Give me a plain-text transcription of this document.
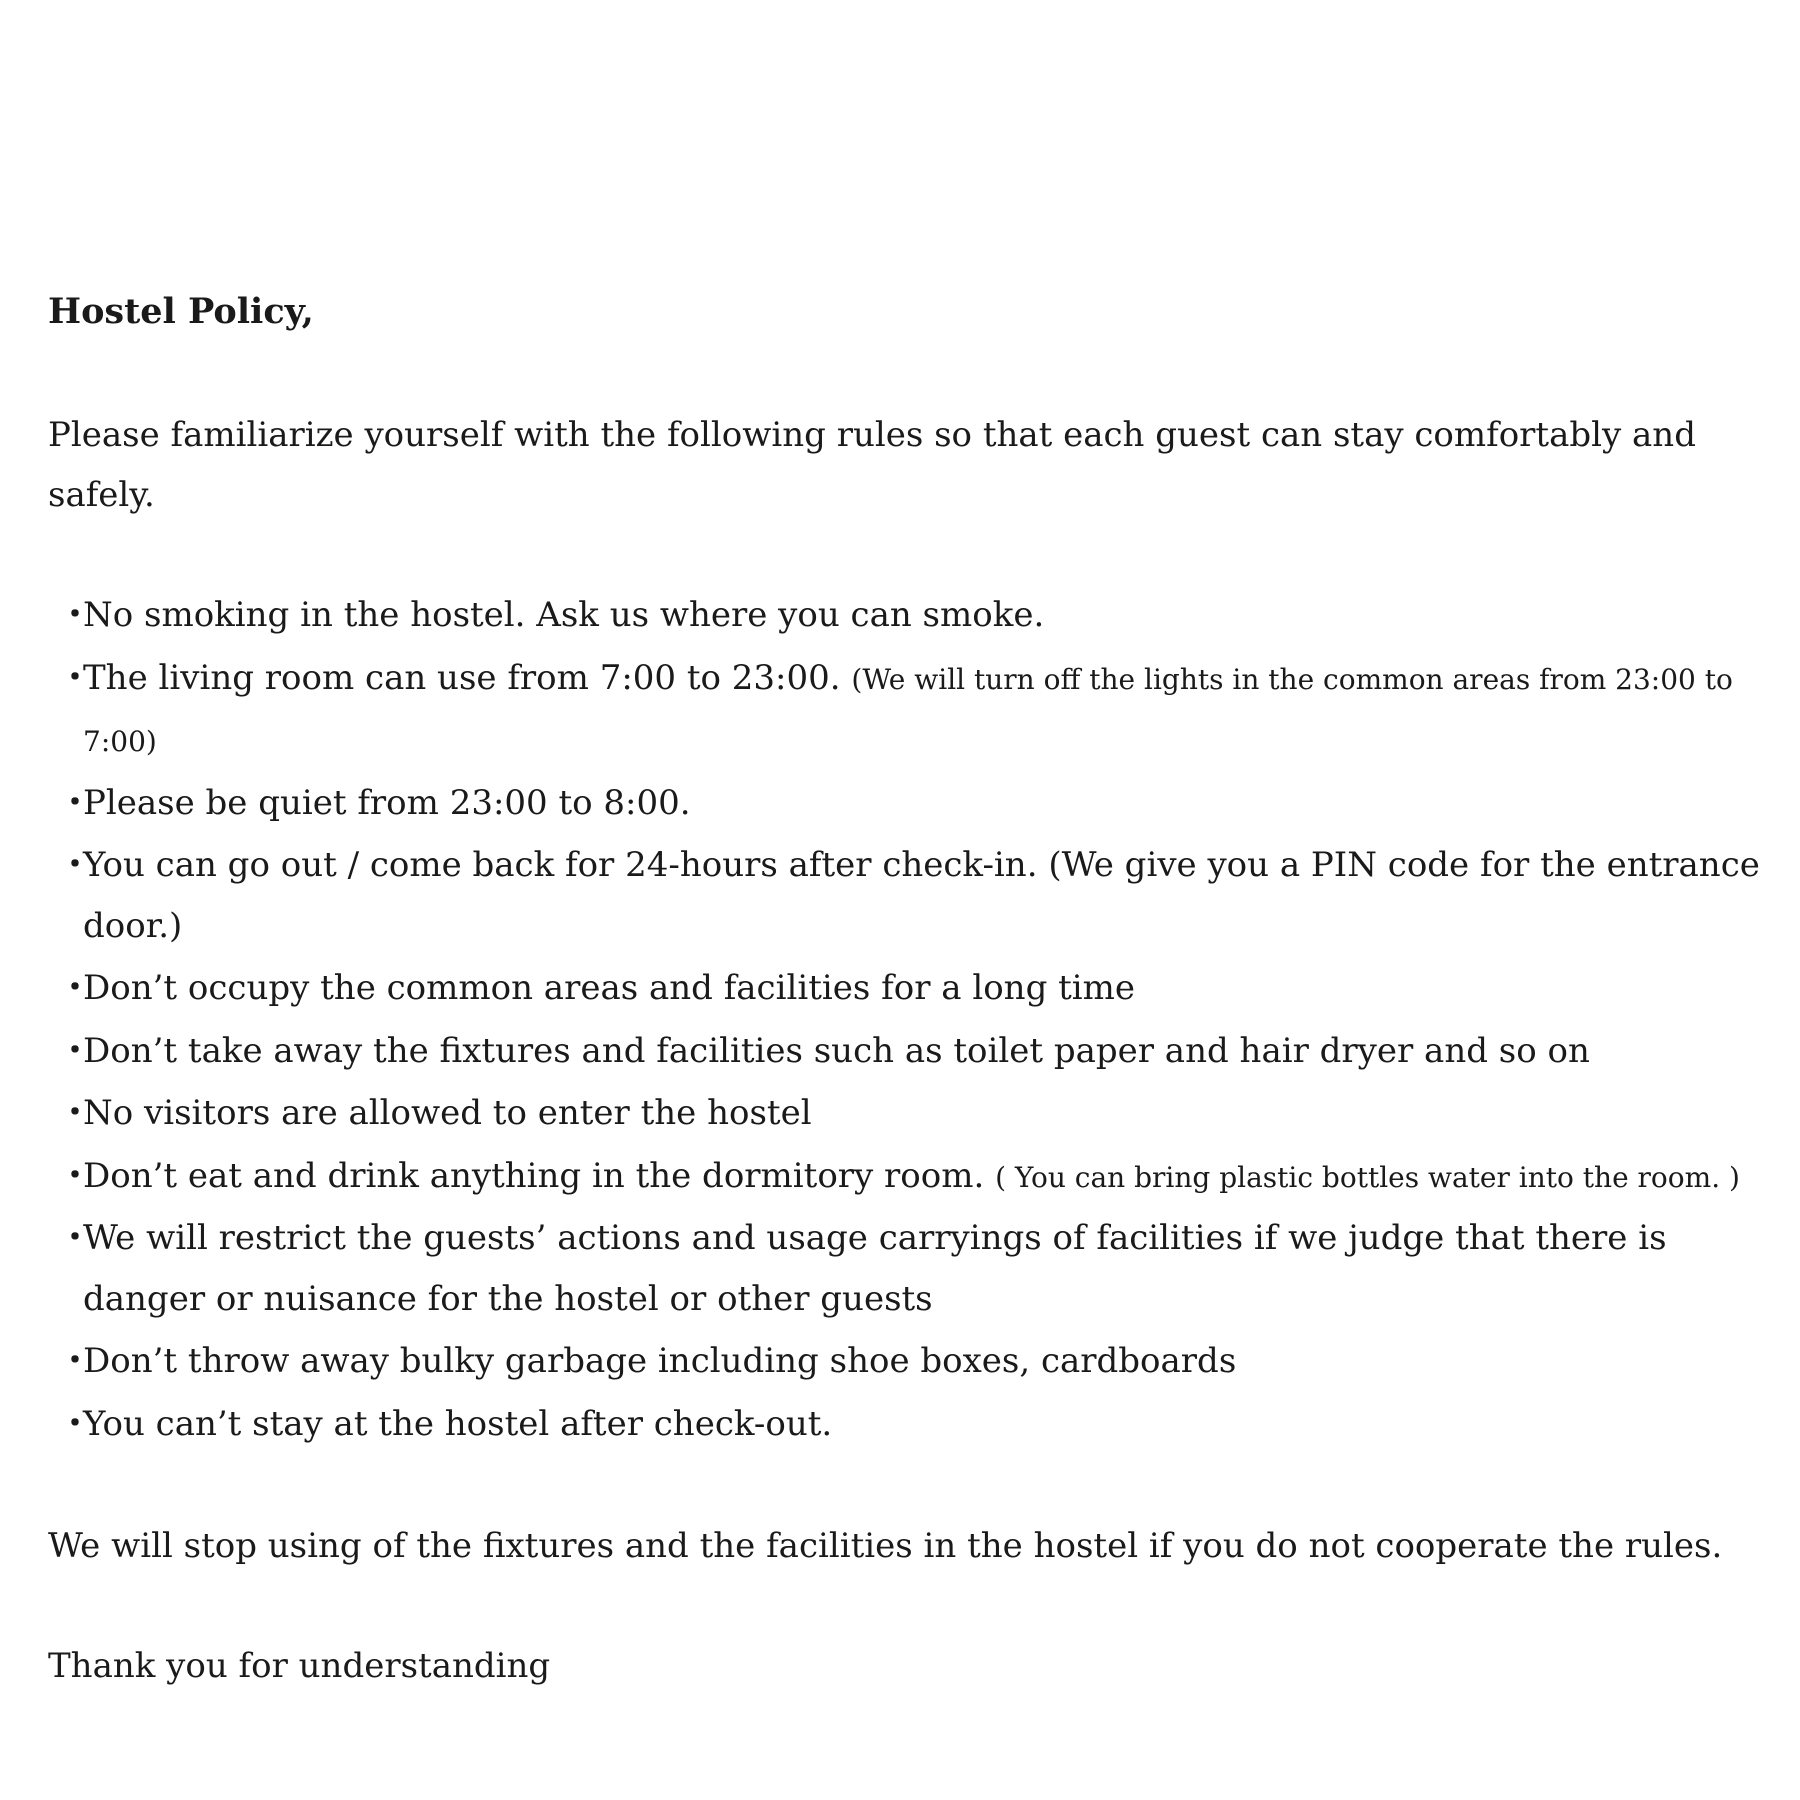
Hostel Policy,

Please familiarize yourself with the following rules so that each guest can stay comfortably and safely.

・
No smoking in the hostel. Ask us where you can smoke.
・
The living room can use from 7:00 to 23:00. (We will turn off the lights in the common areas from 23:00 to 7:00)
・
Please be quiet from 23:00 to 8:00.
・
You can go out / come back for 24-hours after check-in. (We give you a PIN code for the entrance door.)
・
Don’t occupy the common areas and facilities for a long time
・
Don’t take away the fixtures and facilities such as toilet paper and hair dryer and so on
・
No visitors are allowed to enter the hostel
・
Don’t eat and drink anything in the dormitory room. ( You can bring plastic bottles water into the room. )
・
We will restrict the guests’ actions and usage carryings of facilities if we judge that there is danger or nuisance for the hostel or other guests
・
Don’t throw away bulky garbage including shoe boxes, cardboards
・
You can’t stay at the hostel after check-out.

We will stop using of the fixtures and the facilities in the hostel if you do not cooperate the rules.

Thank you for understanding
